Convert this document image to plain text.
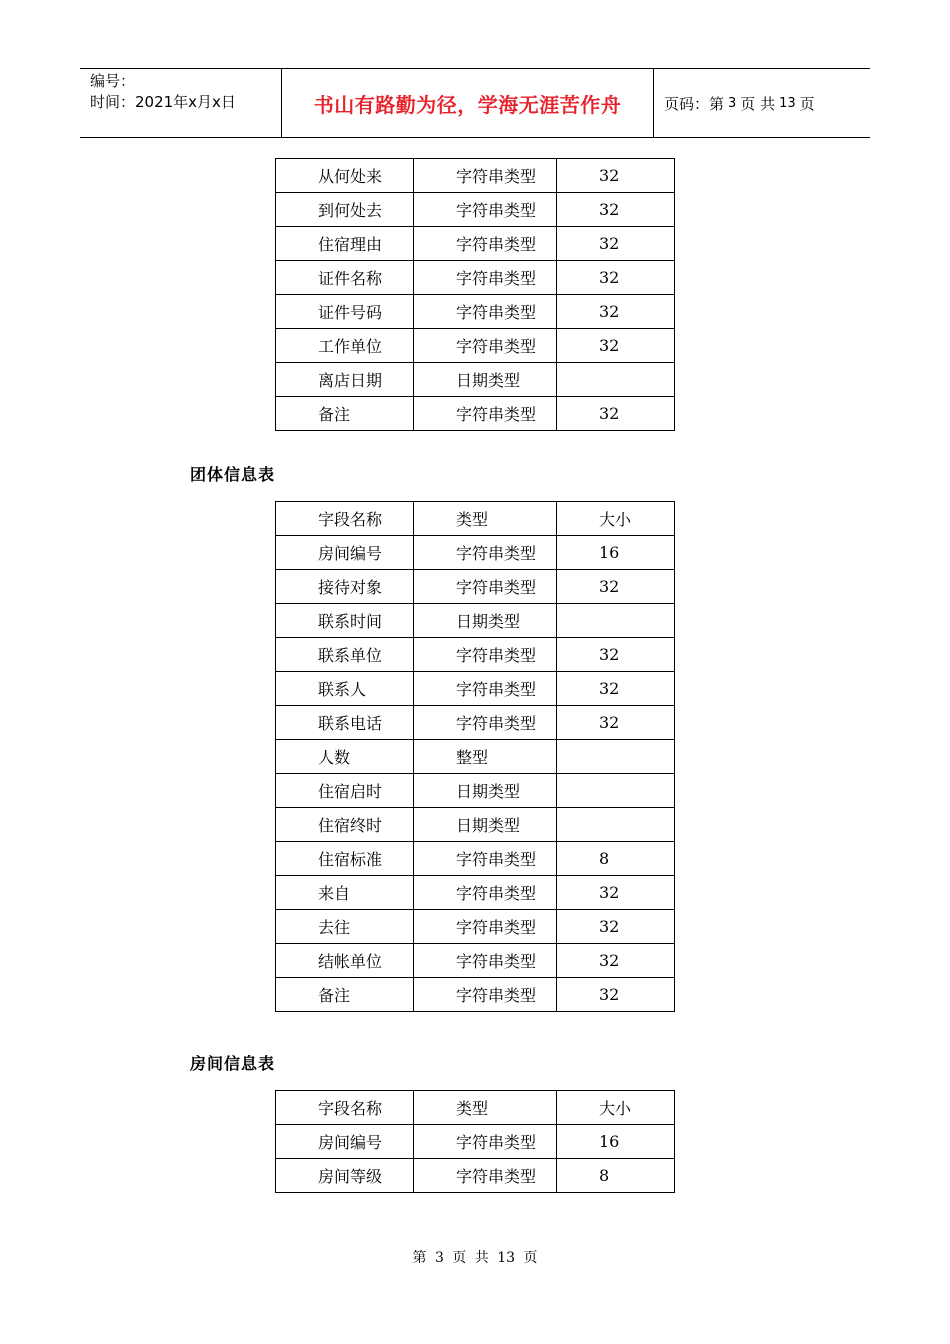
编号：
时间：2021年x月x日	书山有路勤为径，学海无涯苦作舟	页码：第 3 页 共 13 页
从何处来	字符串类型	32
到何处去	字符串类型	32
住宿理由	字符串类型	32
证件名称	字符串类型	32
证件号码	字符串类型	32
工作单位	字符串类型	32
离店日期	日期类型	
备注	字符串类型	32
团体信息表
字段名称	类型	大小
房间编号	字符串类型	16
接待对象	字符串类型	32
联系时间	日期类型	
联系单位	字符串类型	32
联系人	字符串类型	32
联系电话	字符串类型	32
人数	整型	
住宿启时	日期类型	
住宿终时	日期类型	
住宿标准	字符串类型	8
来自	字符串类型	32
去往	字符串类型	32
结帐单位	字符串类型	32
备注	字符串类型	32
房间信息表
字段名称	类型	大小
房间编号	字符串类型	16
房间等级	字符串类型	8
第 3 页 共 13 页
